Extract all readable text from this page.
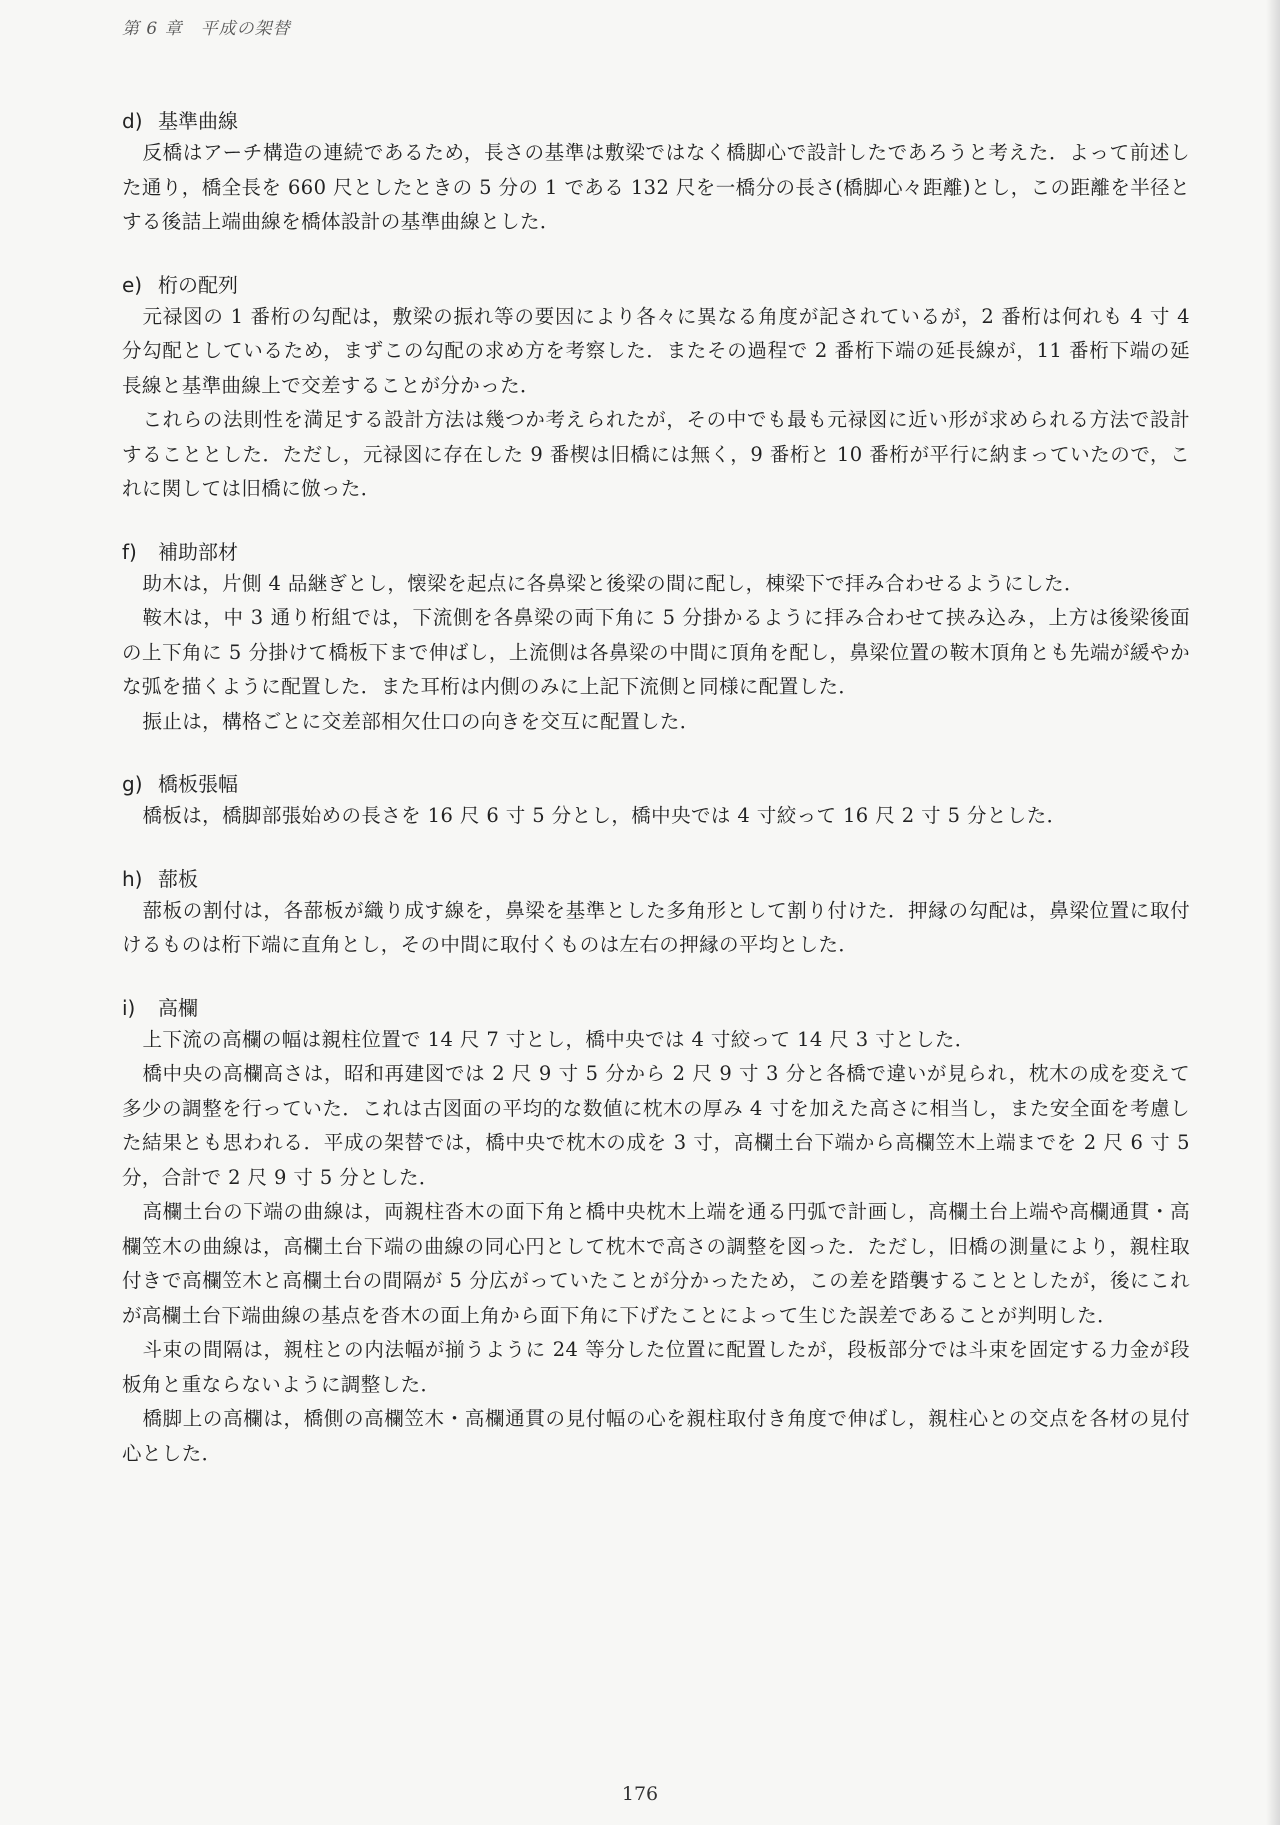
第 6 章　平成の架替
d) 基準曲線

反橋はアーチ構造の連続であるため，長さの基準は敷梁ではなく橋脚心で設計したであろうと考えた．よって前述した通り，橋全長を 660 尺としたときの 5 分の 1 である 132 尺を一橋分の長さ(橋脚心々距離)とし，この距離を半径とする後詰上端曲線を橋体設計の基準曲線とした．

e) 桁の配列

元禄図の 1 番桁の勾配は，敷梁の振れ等の要因により各々に異なる角度が記されているが，2 番桁は何れも 4 寸 4 分勾配としているため，まずこの勾配の求め方を考察した．またその過程で 2 番桁下端の延長線が，11 番桁下端の延長線と基準曲線上で交差することが分かった．

これらの法則性を満足する設計方法は幾つか考えられたが，その中でも最も元禄図に近い形が求められる方法で設計することとした．ただし，元禄図に存在した 9 番楔は旧橋には無く，9 番桁と 10 番桁が平行に納まっていたので，これに関しては旧橋に倣った．

f) 補助部材

助木は，片側 4 品継ぎとし，懐梁を起点に各鼻梁と後梁の間に配し，棟梁下で拝み合わせるようにした．

鞍木は，中 3 通り桁組では，下流側を各鼻梁の両下角に 5 分掛かるように拝み合わせて挟み込み，上方は後梁後面の上下角に 5 分掛けて橋板下まで伸ばし，上流側は各鼻梁の中間に頂角を配し，鼻梁位置の鞍木頂角とも先端が緩やかな弧を描くように配置した．また耳桁は内側のみに上記下流側と同様に配置した．

振止は，構格ごとに交差部相欠仕口の向きを交互に配置した．

g) 橋板張幅

橋板は，橋脚部張始めの長さを 16 尺 6 寸 5 分とし，橋中央では 4 寸絞って 16 尺 2 寸 5 分とした．

h) 蔀板

蔀板の割付は，各蔀板が織り成す線を，鼻梁を基準とした多角形として割り付けた．押縁の勾配は，鼻梁位置に取付けるものは桁下端に直角とし，その中間に取付くものは左右の押縁の平均とした．

i) 高欄

上下流の高欄の幅は親柱位置で 14 尺 7 寸とし，橋中央では 4 寸絞って 14 尺 3 寸とした．

橋中央の高欄高さは，昭和再建図では 2 尺 9 寸 5 分から 2 尺 9 寸 3 分と各橋で違いが見られ，枕木の成を変えて多少の調整を行っていた．これは古図面の平均的な数値に枕木の厚み 4 寸を加えた高さに相当し，また安全面を考慮した結果とも思われる．平成の架替では，橋中央で枕木の成を 3 寸，高欄土台下端から高欄笠木上端までを 2 尺 6 寸 5 分，合計で 2 尺 9 寸 5 分とした．

高欄土台の下端の曲線は，両親柱沓木の面下角と橋中央枕木上端を通る円弧で計画し，高欄土台上端や高欄通貫・高欄笠木の曲線は，高欄土台下端の曲線の同心円として枕木で高さの調整を図った．ただし，旧橋の測量により，親柱取付きで高欄笠木と高欄土台の間隔が 5 分広がっていたことが分かったため，この差を踏襲することとしたが，後にこれが高欄土台下端曲線の基点を沓木の面上角から面下角に下げたことによって生じた誤差であることが判明した．

斗束の間隔は，親柱との内法幅が揃うように 24 等分した位置に配置したが，段板部分では斗束を固定する力金が段板角と重ならないように調整した．

橋脚上の高欄は，橋側の高欄笠木・高欄通貫の見付幅の心を親柱取付き角度で伸ばし，親柱心との交点を各材の見付心とした．

176
